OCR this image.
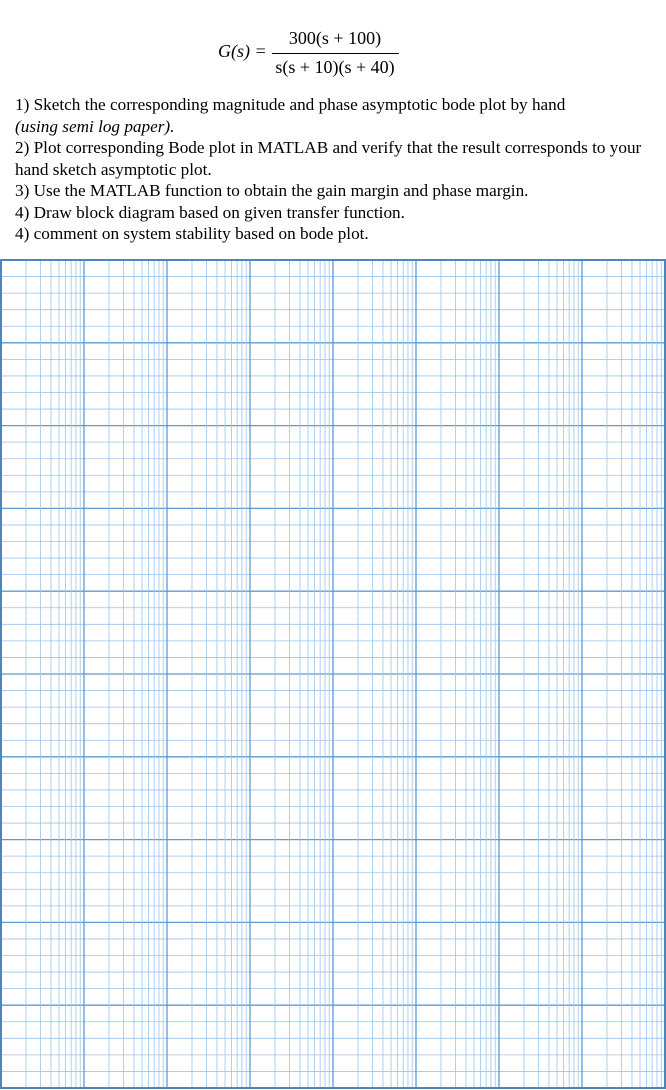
G(s) =
300(s + 100)
s(s + 10)(s + 40)

1) Sketch the corresponding magnitude and phase asymptotic bode plot by hand
(using semi log paper).

2) Plot corresponding Bode plot in MATLAB and verify that the result corresponds to your hand sketch asymptotic plot.

3) Use the MATLAB function to obtain the gain margin and phase margin.

4) Draw block diagram based on given transfer function.

4) comment on system stability based on bode plot.
